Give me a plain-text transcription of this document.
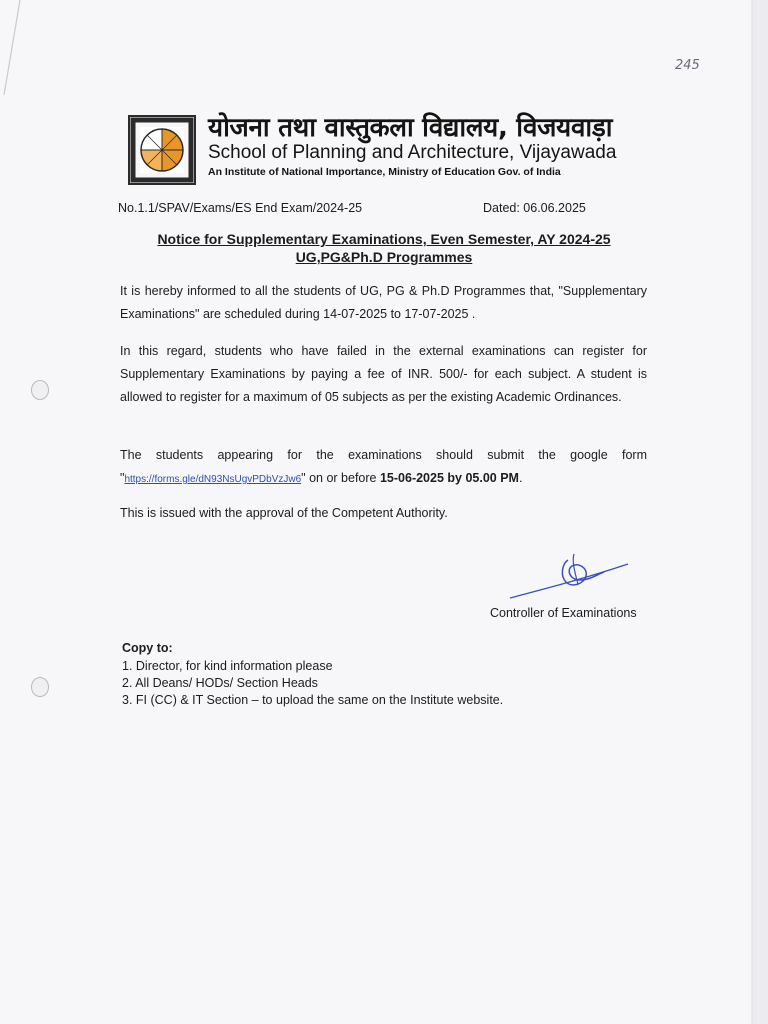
245
योजना तथा वास्तुकला विद्यालय, विजयवाड़ा
School of Planning and Architecture, Vijayawada
An Institute of National Importance, Ministry of Education Gov. of India
No.1.1/SPAV/Exams/ES End Exam/2024-25	Dated: 06.06.2025
Notice for Supplementary Examinations, Even Semester, AY 2024-25
UG,PG&Ph.D Programmes
It is hereby informed to all the students of UG, PG & Ph.D Programmes that, "Supplementary Examinations" are scheduled during 14-07-2025 to 17-07-2025 .
In this regard, students who have failed in the external examinations can register for Supplementary Examinations by paying a fee of INR. 500/- for each subject. A student is allowed to register for a maximum of 05 subjects as per the existing Academic Ordinances.
The students appearing for the examinations should submit the google form "https://forms.gle/dN93NsUgvPDbVzJw6" on or before 15-06-2025 by 05.00 PM.
This is issued with the approval of the Competent Authority.
Controller of Examinations
Copy to:
1. Director, for kind information please
2. All Deans/ HODs/ Section Heads
3. FI (CC) & IT Section – to upload the same on the Institute website.
